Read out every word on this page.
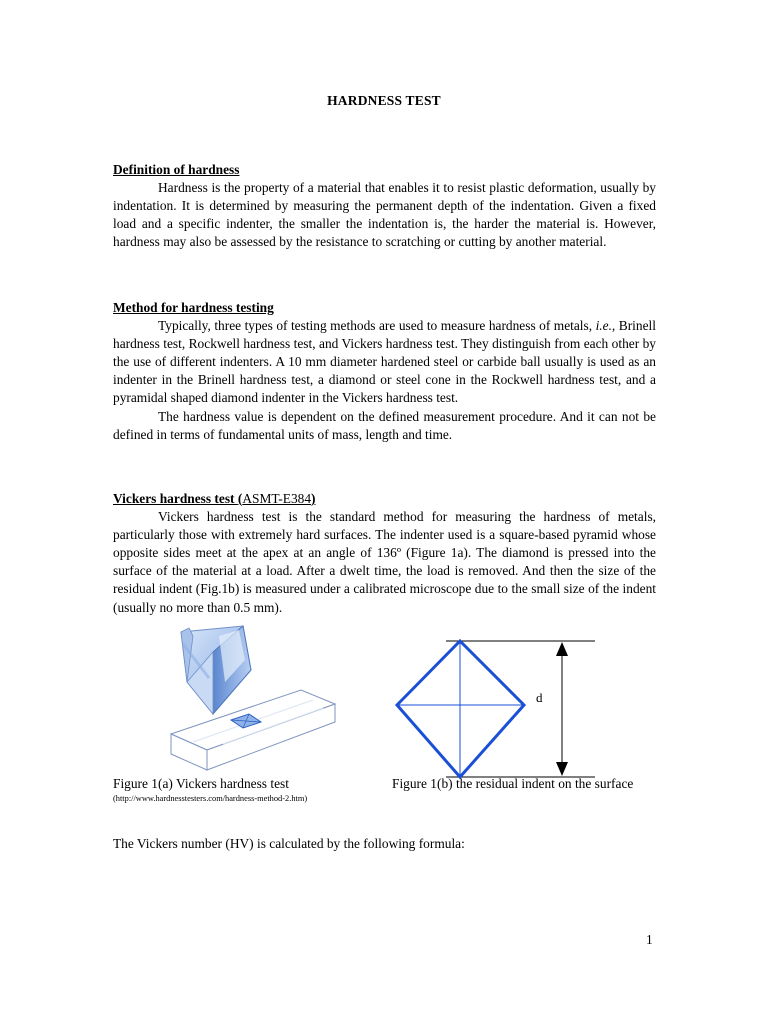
HARDNESS TEST
Definition of hardness

Hardness is the property of a material that enables it to resist plastic deformation, usually by indentation. It is determined by measuring the permanent depth of the indentation. Given a fixed load and a specific indenter, the smaller the indentation is, the harder the material is. However, hardness may also be assessed by the resistance to scratching or cutting by another material.

Method for hardness testing

Typically, three types of testing methods are used to measure hardness of metals, i.e., Brinell hardness test, Rockwell hardness test, and Vickers hardness test. They distinguish from each other by the use of different indenters. A 10 mm diameter hardened steel or carbide ball usually is used as an indenter in the Brinell hardness test, a diamond or steel cone in the Rockwell hardness test, and a pyramidal shaped diamond indenter in the Vickers hardness test.

The hardness value is dependent on the defined measurement procedure. And it can not be defined in terms of fundamental units of mass, length and time.

Vickers hardness test (ASMT-E384)

Vickers hardness test is the standard method for measuring the hardness of metals, particularly those with extremely hard surfaces. The indenter used is a square-based pyramid whose opposite sides meet at the apex at an angle of 136º (Figure 1a). The diamond is pressed into the surface of the material at a load. After a dwelt time, the load is removed. And then the size of the residual indent (Fig.1b) is measured under a calibrated microscope due to the small size of the indent (usually no more than 0.5 mm).

d
Figure 1(a) Vickers hardness test
(http://www.hardnesstesters.com/hardness-method-2.htm)
Figure 1(b) the residual indent on the surface
The Vickers number (HV) is calculated by the following formula:
1
